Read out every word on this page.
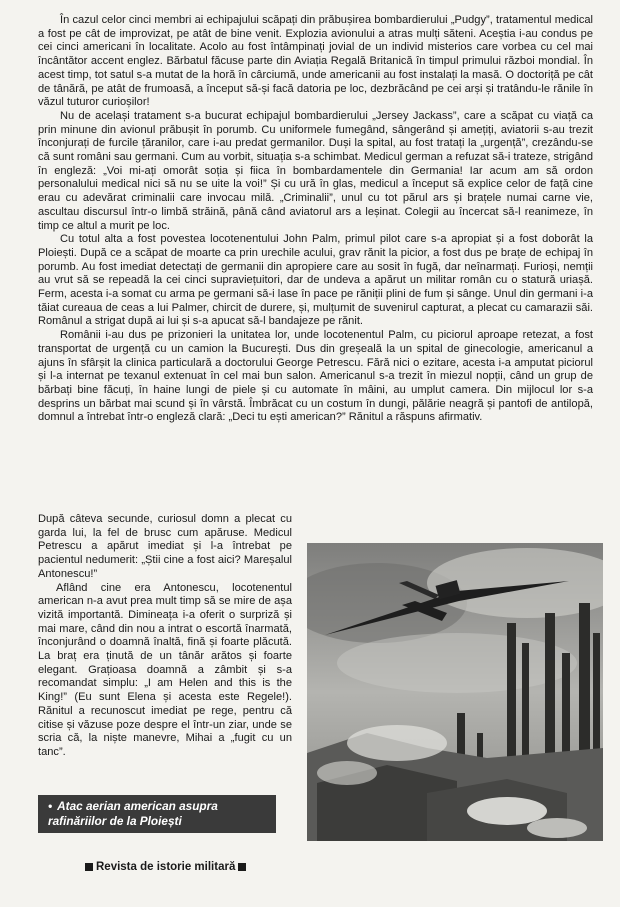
În cazul celor cinci membri ai echipajului scăpați din prăbușirea bombardierului „Pudgy”, tratamentul medical a fost pe cât de improvizat, pe atât de bine venit. Explozia avionului a atras mulți săteni. Aceștia i-au condus pe cei cinci americani în localitate. Acolo au fost întâmpinați jovial de un individ misterios care vorbea cu cel mai încântător accent englez. Bărbatul făcuse parte din Aviația Regală Britanică în timpul primului război mondial. În acest timp, tot satul s-a mutat de la horă în cârciumă, unde americanii au fost instalați la masă. O doctoriță pe cât de tânără, pe atât de frumoasă, a început să-și facă datoria pe loc, dezbrăcând pe cei arși și tratându-le rănile în văzul tuturor curioșilor!

Nu de același tratament s-a bucurat echipajul bombardierului „Jersey Jackass”, care a scăpat cu viață ca prin minune din avionul prăbușit în porumb. Cu uniformele fumegând, sângerând și amețiți, aviatorii s-au trezit înconjurați de furcile țăranilor, care i-au predat germanilor. Duși la spital, au fost tratați la „urgență”, crezându-se că sunt români sau germani. Cum au vorbit, situația s-a schimbat. Medicul german a refuzat să-i trateze, strigând în engleză: „Voi mi-ați omorât soția și fiica în bombardamentele din Germania! Iar acum am să ordon personalului medical nici să nu se uite la voi!” Și cu ură în glas, medicul a început să explice celor de față cine erau cu adevărat criminalii care invocau milă. „Criminalii”, unul cu tot părul ars și brațele numai carne vie, ascultau discursul într-o limbă străină, până când aviatorul ars a leșinat. Colegii au încercat să-l reanimeze, în timp ce altul a murit pe loc.

Cu totul alta a fost povestea locotenentului John Palm, primul pilot care s-a apropiat și a fost doborât la Ploiești. După ce a scăpat de moarte ca prin urechile acului, grav rănit la picior, a fost dus pe brațe de echipaj în porumb. Au fost imediat detectați de germanii din apropiere care au sosit în fugă, dar neînarmați. Furioși, nemții au vrut să se repeadă la cei cinci supraviețuitori, dar de undeva a apărut un militar român cu o statură uriașă. Ferm, acesta i-a somat cu arma pe germani să-i lase în pace pe răniții plini de fum și sânge. Unul din germani i-a tăiat cureaua de ceas a lui Palmer, chircit de durere, și, mulțumit de suvenirul capturat, a plecat cu camarazii săi. Românul a strigat după ai lui și s-a apucat să-l bandajeze pe rănit.

Românii i-au dus pe prizonieri la unitatea lor, unde locotenentul Palm, cu piciorul aproape retezat, a fost transportat de urgență cu un camion la București. Dus din greșeală la un spital de ginecologie, americanul a ajuns în sfârșit la clinica particulară a doctorului George Petrescu. Fără nici o ezitare, acesta i-a amputat piciorul și l-a internat pe texanul extenuat în cel mai bun salon. Americanul s-a trezit în miezul nopții, când un grup de bărbați bine făcuți, în haine lungi de piele și cu automate în mâini, au umplut camera. Din mijlocul lor s-a desprins un bărbat mai scund și în vârstă. Îmbrăcat cu un costum în dungi, pălărie neagră și pantofi de antilopă, domnul a întrebat într-o engleză clară: „Deci tu ești american?” Rănitul a răspuns afirmativ.

După câteva secunde, curiosul domn a plecat cu garda lui, la fel de brusc cum apăruse. Medicul Petrescu a apărut imediat și l-a întrebat pe pacientul nedumerit: „Știi cine a fost aici? Mareșalul Antonescu!”

Aflând cine era Antonescu, locotenentul american n-a avut prea mult timp să se mire de așa vizită importantă. Dimineața i-a oferit o surpriză și mai mare, când din nou a intrat o escortă înarmată, înconjurând o doamnă înaltă, fină și foarte plăcută. La braț era ținută de un tânăr arătos și foarte elegant. Grațioasa doamnă a zâmbit și s-a recomandat simplu: „I am Helen and this is the King!” (Eu sunt Elena și acesta este Regele!). Rănitul a recunoscut imediat pe rege, pentru că citise și văzuse poze despre el într-un ziar, unde se scria că, la niște manevre, Mihai a „fugit cu un tanc”.

• Atac aerian american asupra rafinăriilor de la Ploiești
Revista de istorie militară
